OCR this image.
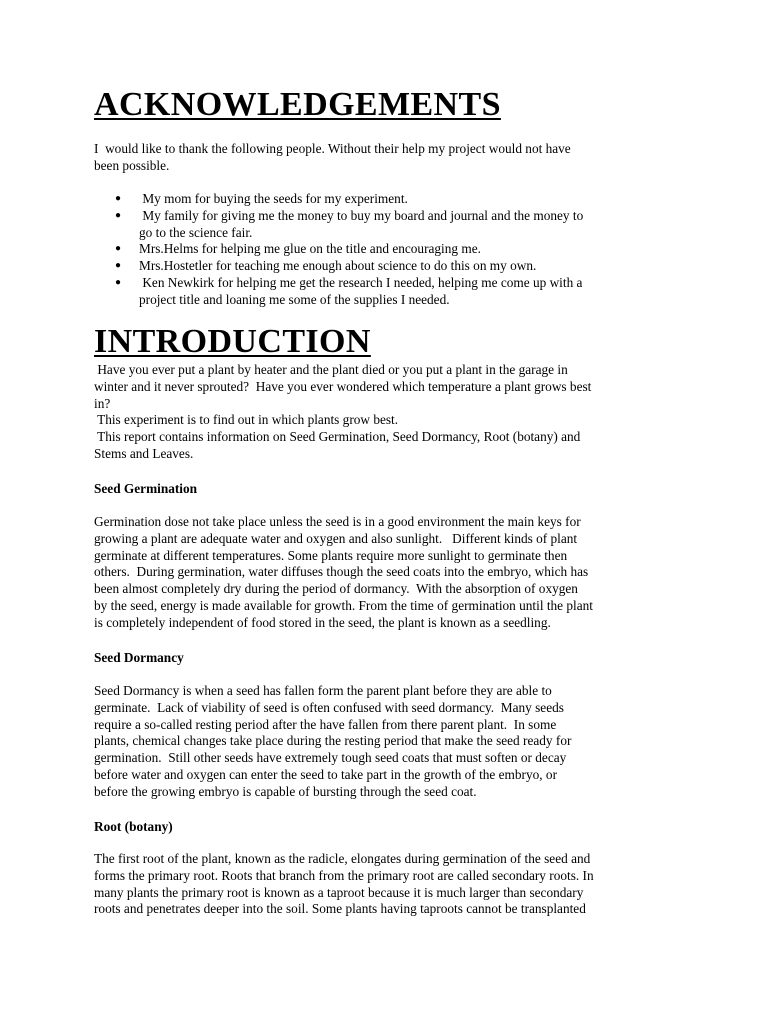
ACKNOWLEDGEMENTS

I  would like to thank the following people. Without their help my project would not have
been possible.

● My mom for buying the seeds for my experiment.
● My family for giving me the money to buy my board and journal and the money to
go to the science fair.
● Mrs.Helms for helping me glue on the title and encouraging me.
● Mrs.Hostetler for teaching me enough about science to do this on my own.
● Ken Newkirk for helping me get the research I needed, helping me come up with a
project title and loaning me some of the supplies I needed.
INTRODUCTION

Have you ever put a plant by heater and the plant died or you put a plant in the garage in
winter and it never sprouted?  Have you ever wondered which temperature a plant grows best
in?
This experiment is to find out in which plants grow best.
This report contains information on Seed Germination, Seed Dormancy, Root (botany) and
Stems and Leaves.

Seed Germination

Germination dose not take place unless the seed is in a good environment the main keys for
growing a plant are adequate water and oxygen and also sunlight.   Different kinds of plant
germinate at different temperatures. Some plants require more sunlight to germinate then
others.  During germination, water diffuses though the seed coats into the embryo, which has
been almost completely dry during the period of dormancy.  With the absorption of oxygen
by the seed, energy is made available for growth. From the time of germination until the plant
is completely independent of food stored in the seed, the plant is known as a seedling.

Seed Dormancy

Seed Dormancy is when a seed has fallen form the parent plant before they are able to
germinate.  Lack of viability of seed is often confused with seed dormancy.  Many seeds
require a so-called resting period after the have fallen from there parent plant.  In some
plants, chemical changes take place during the resting period that make the seed ready for
germination.  Still other seeds have extremely tough seed coats that must soften or decay
before water and oxygen can enter the seed to take part in the growth of the embryo, or
before the growing embryo is capable of bursting through the seed coat.

Root (botany)

The first root of the plant, known as the radicle, elongates during germination of the seed and
forms the primary root. Roots that branch from the primary root are called secondary roots. In
many plants the primary root is known as a taproot because it is much larger than secondary
roots and penetrates deeper into the soil. Some plants having taproots cannot be transplanted
